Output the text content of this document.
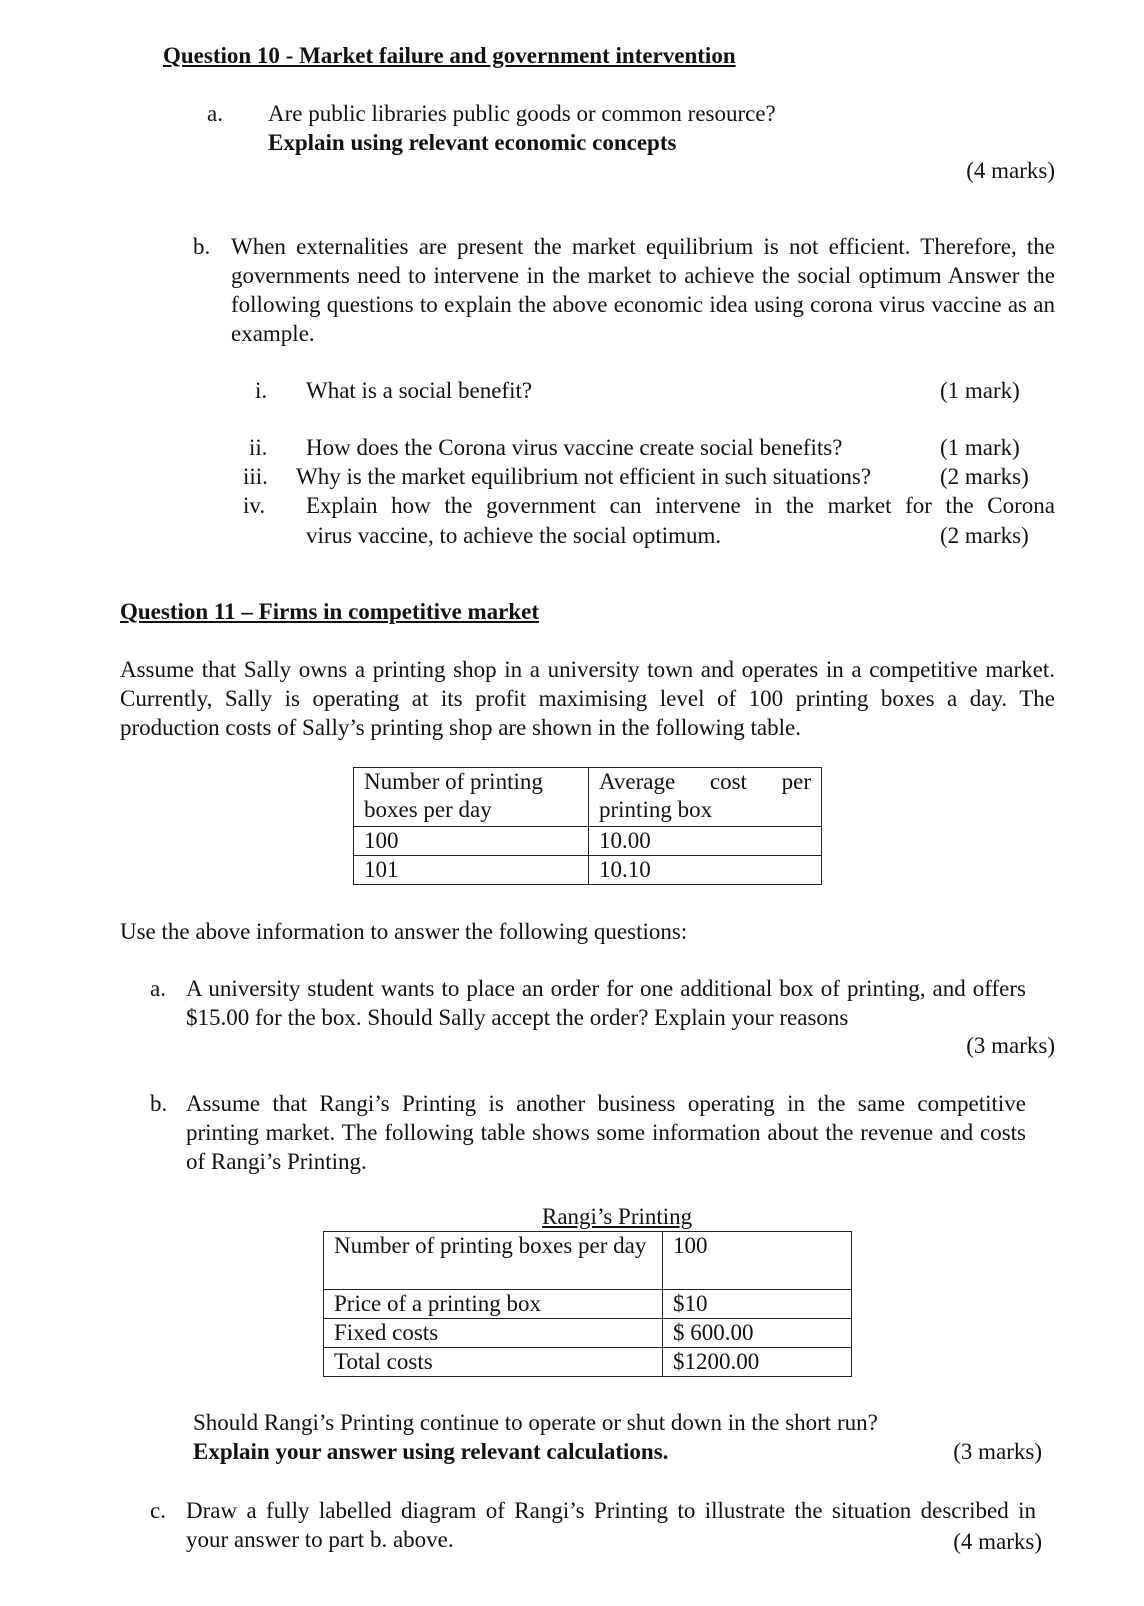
Question 10 - Market failure and government intervention
a. Are public libraries public goods or common resource?
Explain using relevant economic concepts
(4 marks)
b. When externalities are present the market equilibrium is not efficient. Therefore, the governments need to intervene in the market to achieve the social optimum Answer the following questions to explain the above economic idea using corona virus vaccine as an example.
i. What is a social benefit?	(1 mark)
ii. How does the Corona virus vaccine create social benefits?	(1 mark)
iii. Why is the market equilibrium not efficient in such situations?	(2 marks)
iv. Explain how the government can intervene in the market for the Corona
virus vaccine, to achieve the social optimum.	(2 marks)
Question 11 – Firms in competitive market
Assume that Sally owns a printing shop in a university town and operates in a competitive market. Currently, Sally is operating at its profit maximising level of 100 printing boxes a day. The production costs of Sally’s printing shop are shown in the following table.
Number of printing boxes per day	Average cost per printing box
100	10.00
101	10.10
Use the above information to answer the following questions:
a. A university student wants to place an order for one additional box of printing, and offers $15.00 for the box. Should Sally accept the order? Explain your reasons
(3 marks)
b. Assume that Rangi’s Printing is another business operating in the same competitive printing market. The following table shows some information about the revenue and costs of Rangi’s Printing.
Rangi’s Printing
Number of printing boxes per day	100
Price of a printing box	$10
Fixed costs	$ 600.00
Total costs	$1200.00
Should Rangi’s Printing continue to operate or shut down in the short run?
Explain your answer using relevant calculations.	(3 marks)
c. Draw a fully labelled diagram of Rangi’s Printing to illustrate the situation described in your answer to part b. above.	(4 marks)
